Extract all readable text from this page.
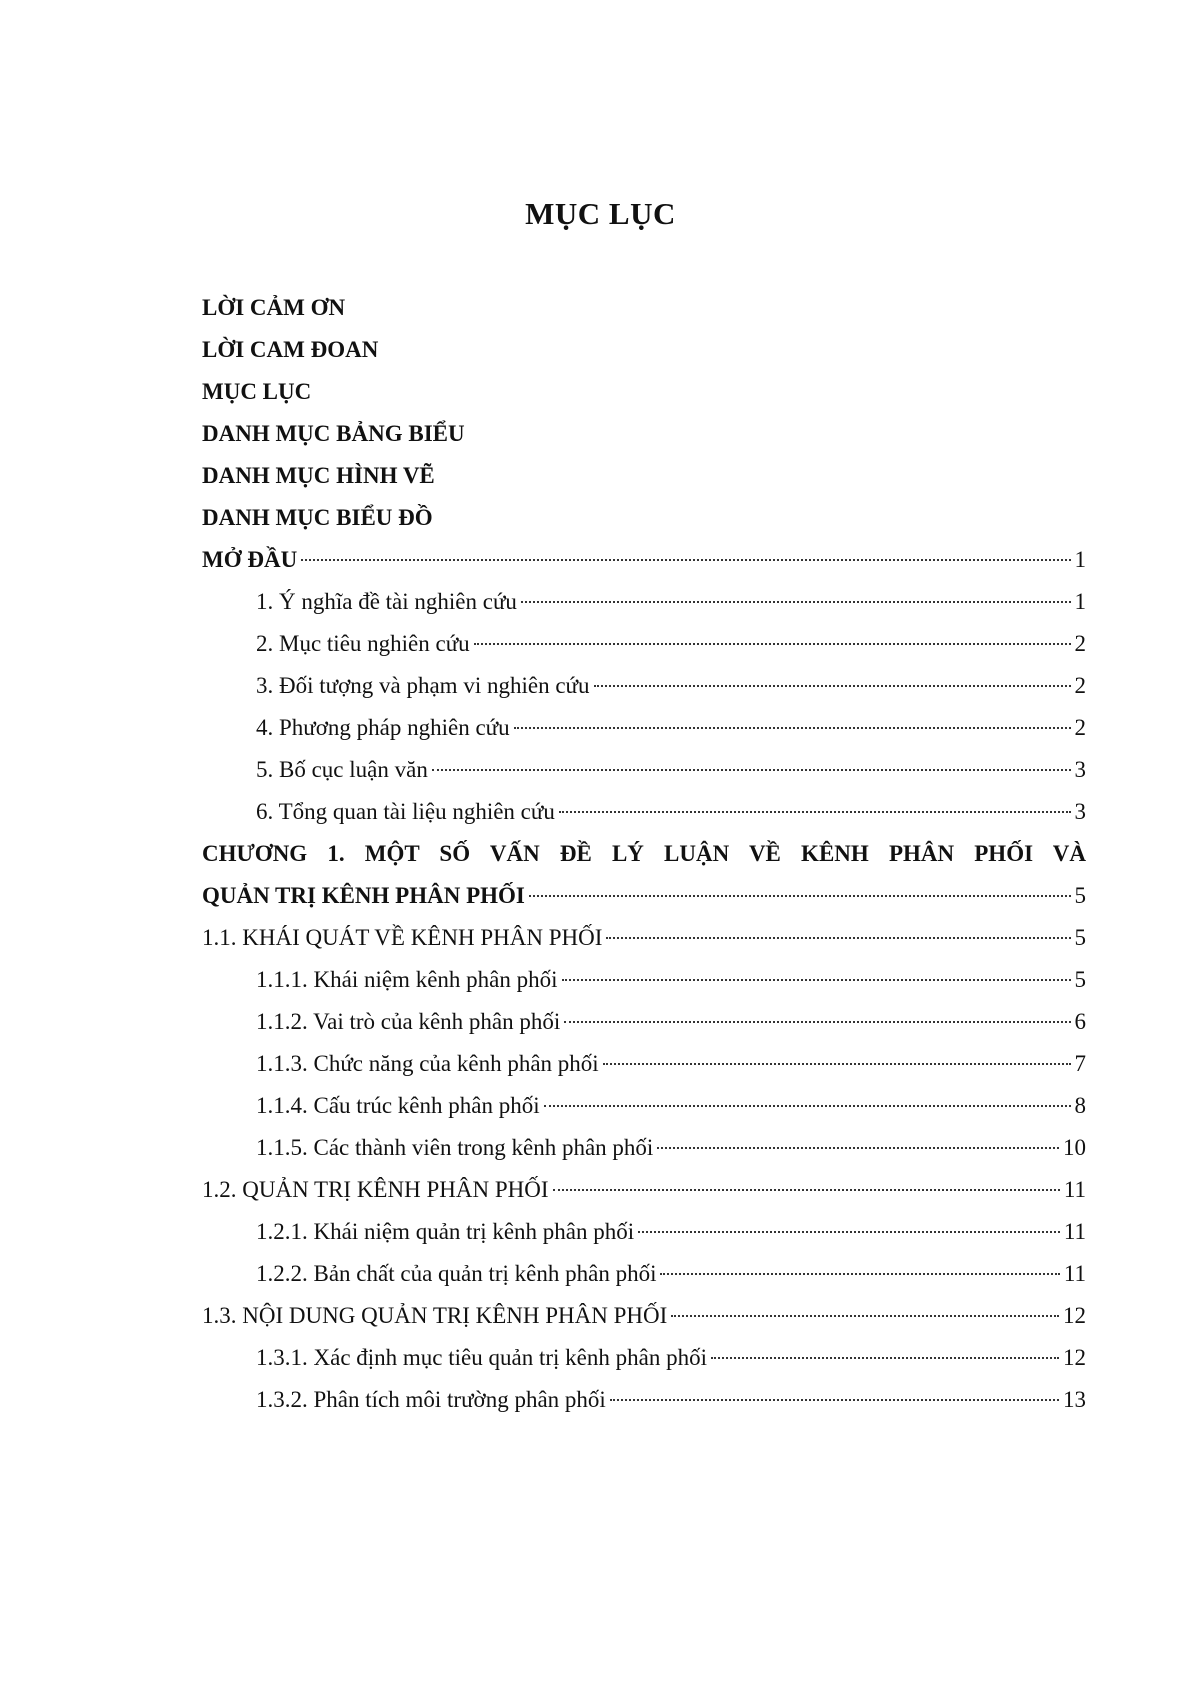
MỤC LỤC
LỜI CẢM ƠN
LỜI CAM ĐOAN
MỤC LỤC
DANH MỤC BẢNG BIỂU
DANH MỤC HÌNH VẼ
DANH MỤC BIỂU ĐỒ
MỞ ĐẦU	1
1. Ý nghĩa đề tài nghiên cứu	1
2. Mục tiêu nghiên cứu	2
3. Đối tượng và phạm vi nghiên cứu	2
4. Phương pháp nghiên cứu	2
5. Bố cục luận văn	3
6. Tổng quan tài liệu nghiên cứu	3
CHƯƠNG 1. MỘT SỐ VẤN ĐỀ LÝ LUẬN VỀ KÊNH PHÂN PHỐI VÀ
QUẢN TRỊ KÊNH PHÂN PHỐI	5
1.1. KHÁI QUÁT VỀ KÊNH PHÂN PHỐI	5
1.1.1. Khái niệm kênh phân phối	5
1.1.2. Vai trò của kênh phân phối	6
1.1.3. Chức năng của kênh phân phối	7
1.1.4. Cấu trúc kênh phân phối	8
1.1.5. Các thành viên trong kênh phân phối	10
1.2. QUẢN TRỊ KÊNH PHÂN PHỐI	11
1.2.1. Khái niệm quản trị kênh phân phối	11
1.2.2. Bản chất của quản trị kênh phân phối	11
1.3. NỘI DUNG QUẢN TRỊ KÊNH PHÂN PHỐI	12
1.3.1. Xác định mục tiêu quản trị kênh phân phối	12
1.3.2. Phân tích môi trường phân phối	13
